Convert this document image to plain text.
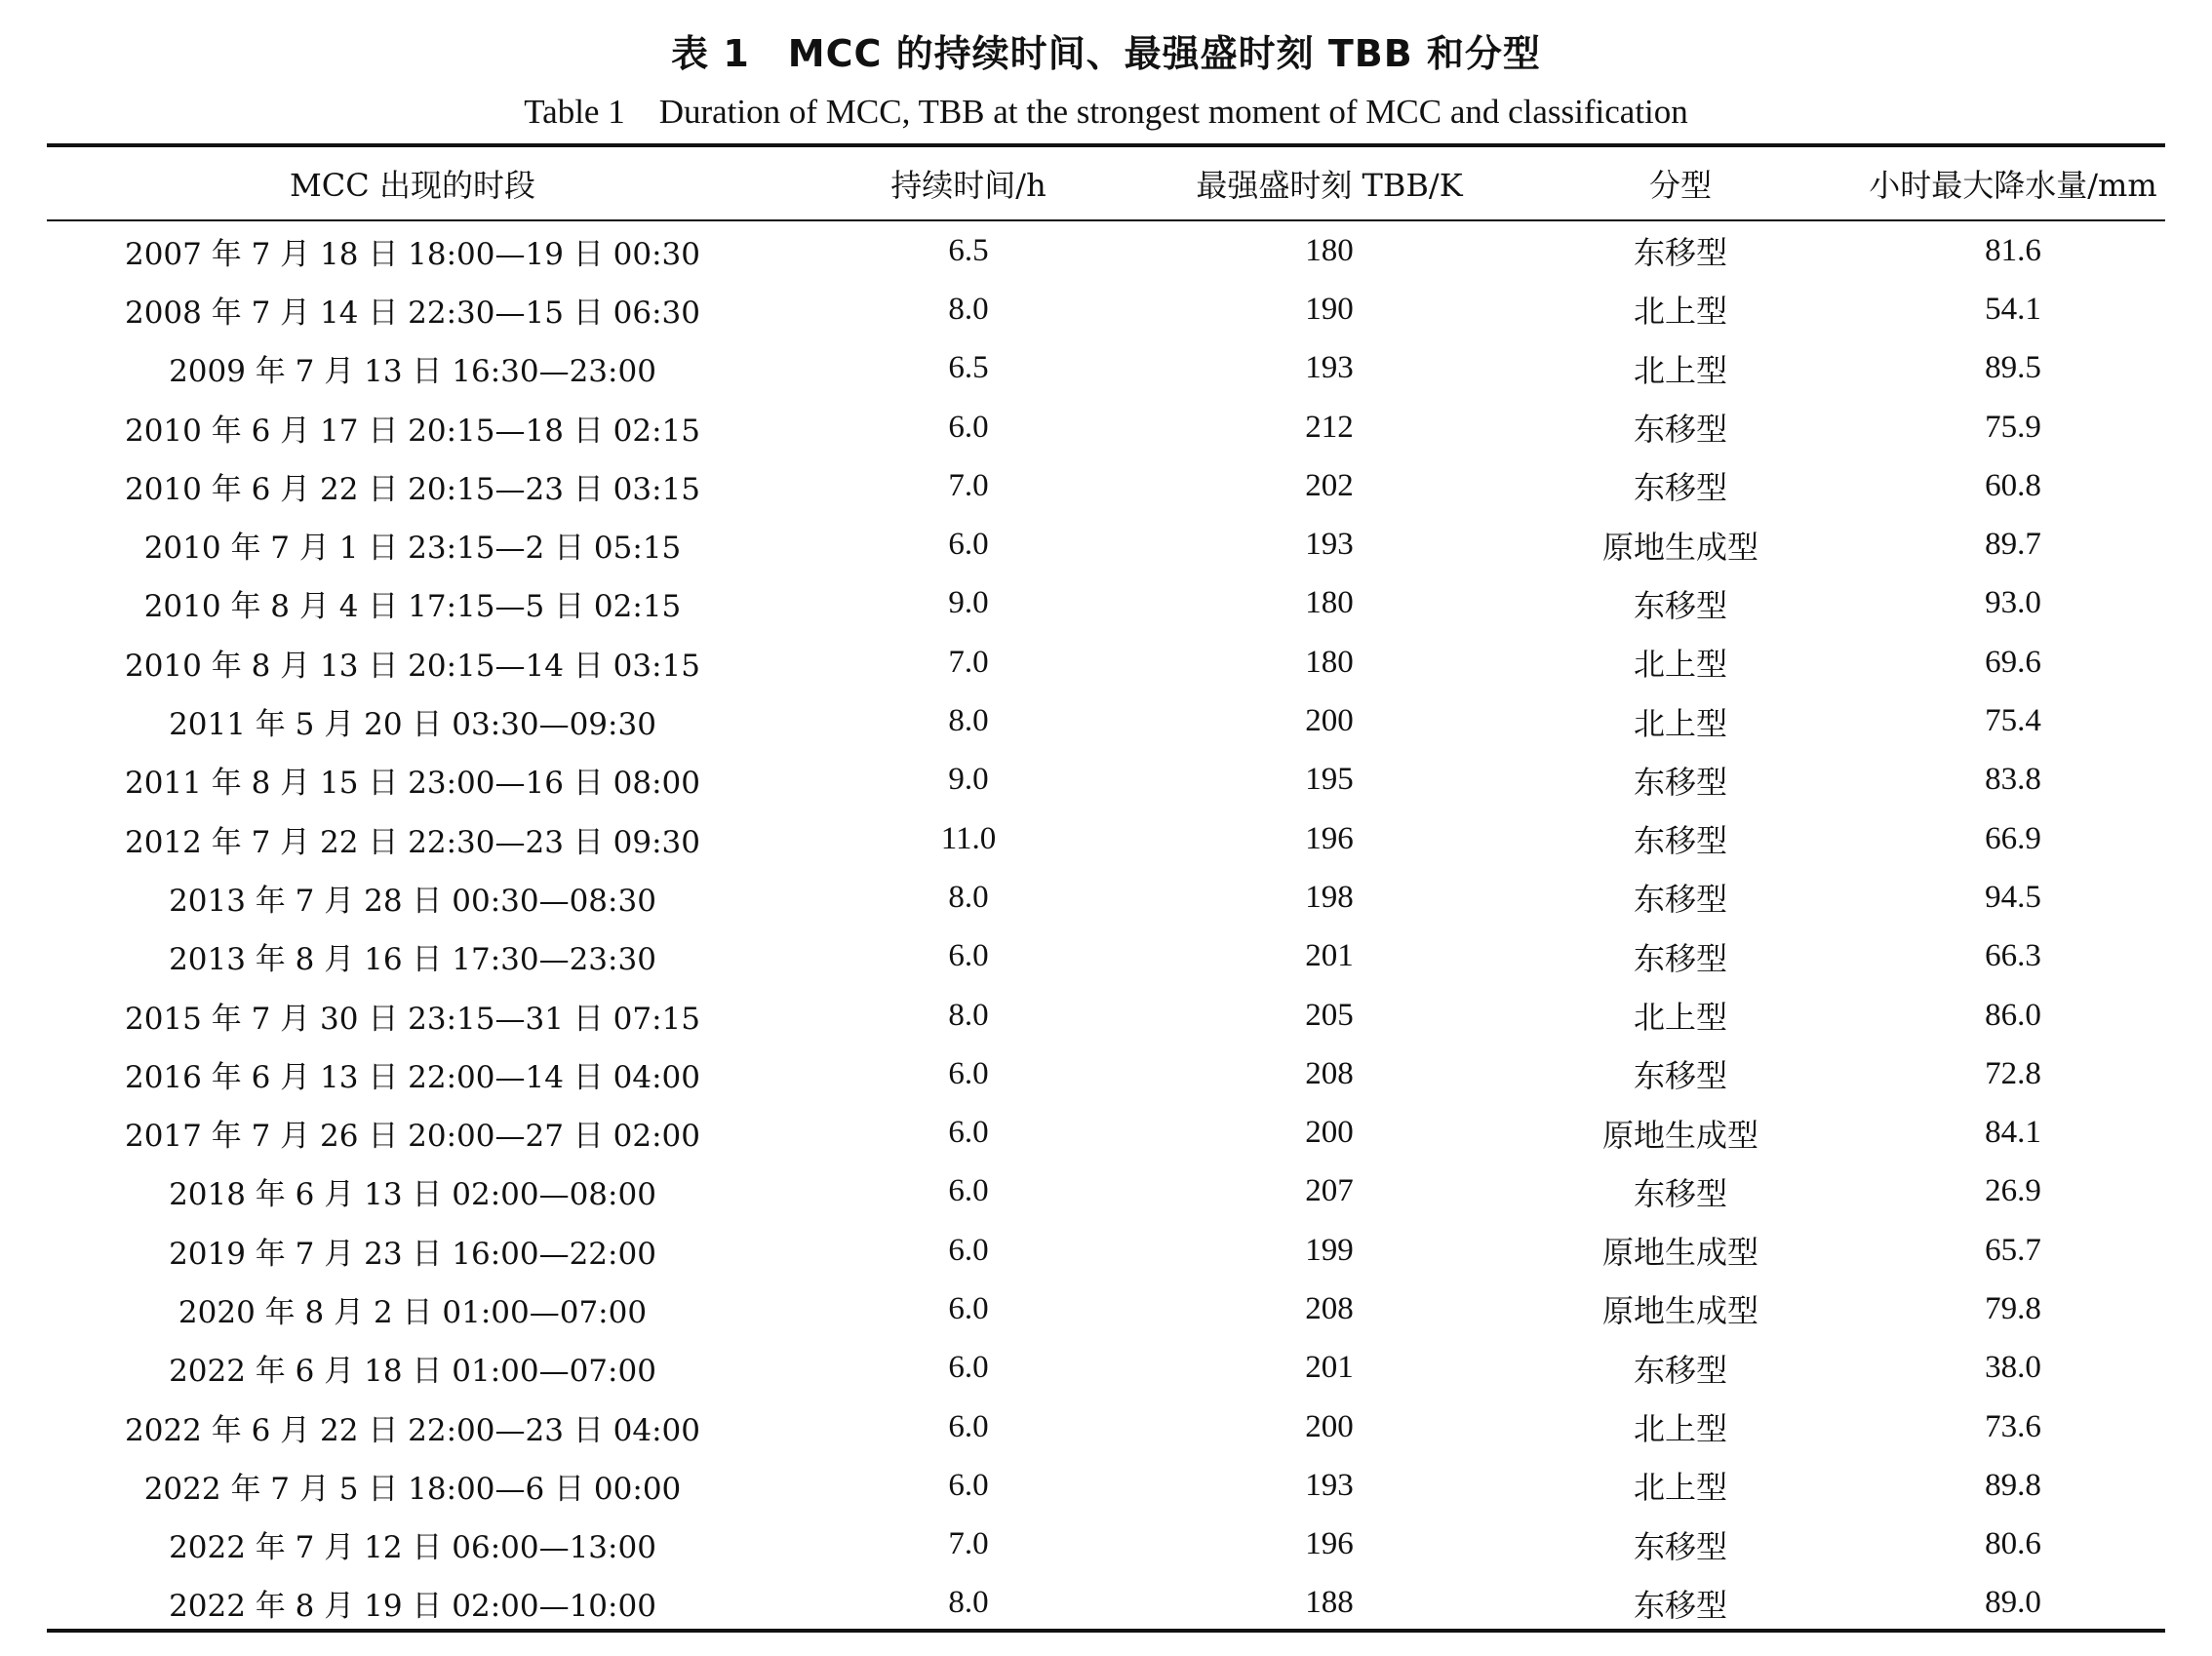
表 1　MCC 的持续时间、最强盛时刻 TBB 和分型
Table 1　Duration of MCC, TBB at the strongest moment of MCC and classification
MCC 出现的时段	持续时间/h	最强盛时刻 TBB/K	分型	小时最大降水量/mm

2007 年 7 月 18 日 18:00—19 日 00:30	6.5	180	东移型	81.6
2008 年 7 月 14 日 22:30—15 日 06:30	8.0	190	北上型	54.1
2009 年 7 月 13 日 16:30—23:00	6.5	193	北上型	89.5
2010 年 6 月 17 日 20:15—18 日 02:15	6.0	212	东移型	75.9
2010 年 6 月 22 日 20:15—23 日 03:15	7.0	202	东移型	60.8
2010 年 7 月 1 日 23:15—2 日 05:15	6.0	193	原地生成型	89.7
2010 年 8 月 4 日 17:15—5 日 02:15	9.0	180	东移型	93.0
2010 年 8 月 13 日 20:15—14 日 03:15	7.0	180	北上型	69.6
2011 年 5 月 20 日 03:30—09:30	8.0	200	北上型	75.4
2011 年 8 月 15 日 23:00—16 日 08:00	9.0	195	东移型	83.8
2012 年 7 月 22 日 22:30—23 日 09:30	11.0	196	东移型	66.9
2013 年 7 月 28 日 00:30—08:30	8.0	198	东移型	94.5
2013 年 8 月 16 日 17:30—23:30	6.0	201	东移型	66.3
2015 年 7 月 30 日 23:15—31 日 07:15	8.0	205	北上型	86.0
2016 年 6 月 13 日 22:00—14 日 04:00	6.0	208	东移型	72.8
2017 年 7 月 26 日 20:00—27 日 02:00	6.0	200	原地生成型	84.1
2018 年 6 月 13 日 02:00—08:00	6.0	207	东移型	26.9
2019 年 7 月 23 日 16:00—22:00	6.0	199	原地生成型	65.7
2020 年 8 月 2 日 01:00—07:00	6.0	208	原地生成型	79.8
2022 年 6 月 18 日 01:00—07:00	6.0	201	东移型	38.0
2022 年 6 月 22 日 22:00—23 日 04:00	6.0	200	北上型	73.6
2022 年 7 月 5 日 18:00—6 日 00:00	6.0	193	北上型	89.8
2022 年 7 月 12 日 06:00—13:00	7.0	196	东移型	80.6
2022 年 8 月 19 日 02:00—10:00	8.0	188	东移型	89.0
